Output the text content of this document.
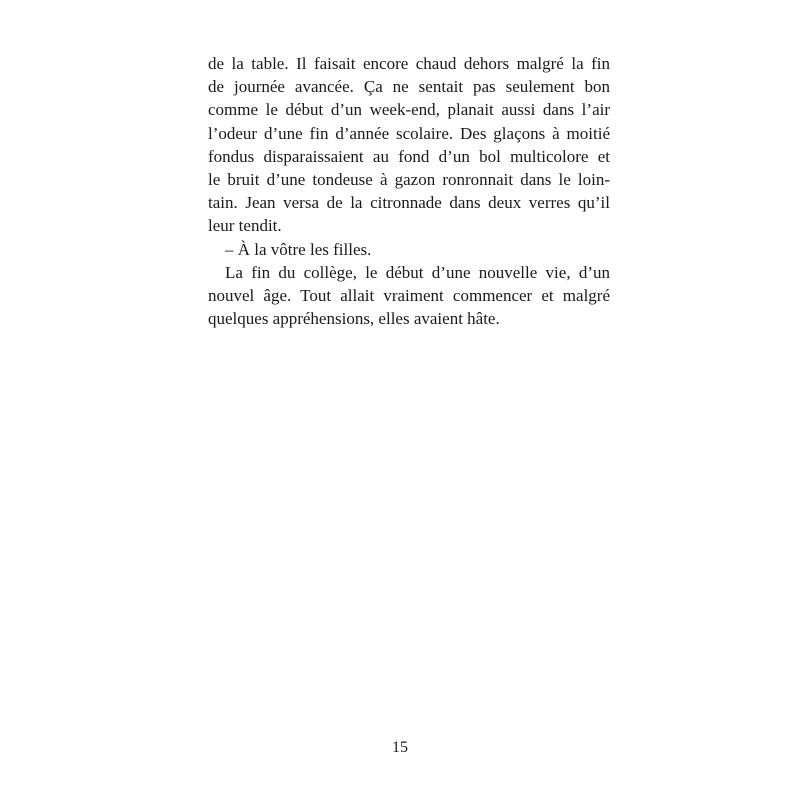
de la table. Il faisait encore chaud dehors malgré la fin
de journée avancée. Ça ne sentait pas seulement bon
comme le début d’un week-end, planait aussi dans l’air
l’odeur d’une fin d’année scolaire. Des glaçons à moitié
fondus disparaissaient au fond d’un bol multicolore et
le bruit d’une tondeuse à gazon ronronnait dans le loin-
tain. Jean versa de la citronnade dans deux verres qu’il
leur tendit.
– À la vôtre les filles.
La fin du collège, le début d’une nouvelle vie, d’un
nouvel âge. Tout allait vraiment commencer et malgré
quelques appréhensions, elles avaient hâte.
15
